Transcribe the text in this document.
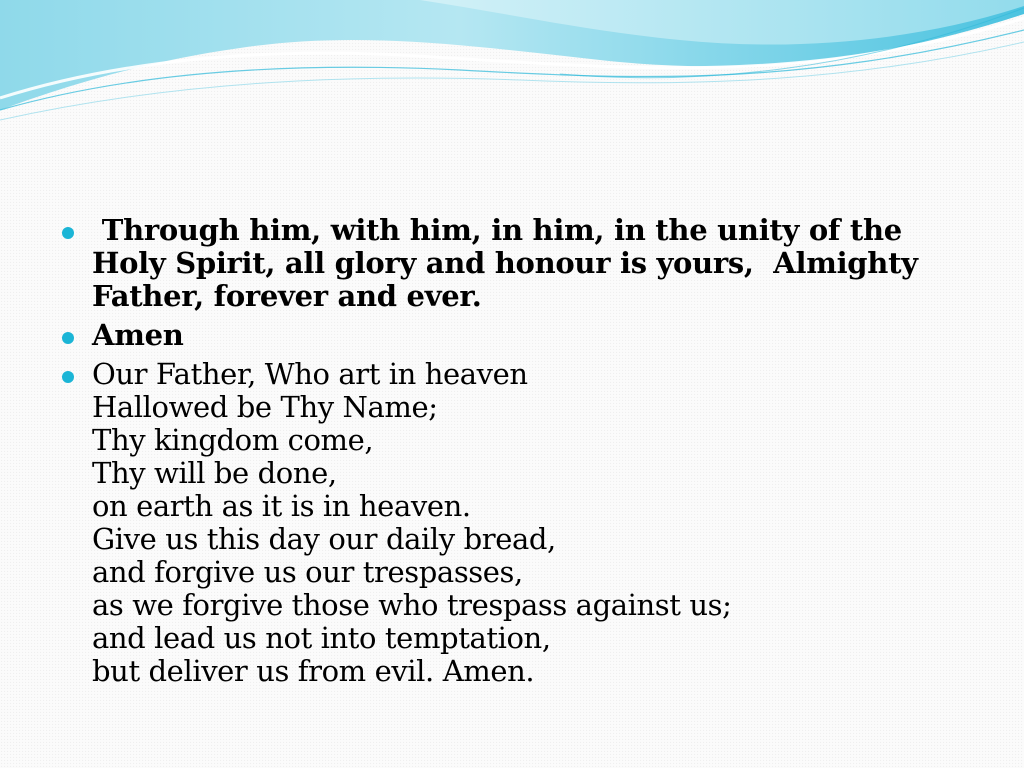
Through him, with him, in him, in the unity of the
Holy Spirit, all glory and honour is yours,  Almighty
Father, forever and ever.
Amen
Our Father, Who art in heaven
Hallowed be Thy Name;
Thy kingdom come,
Thy will be done,
on earth as it is in heaven.
Give us this day our daily bread,
and forgive us our trespasses,
as we forgive those who trespass against us;
and lead us not into temptation,
but deliver us from evil. Amen.
